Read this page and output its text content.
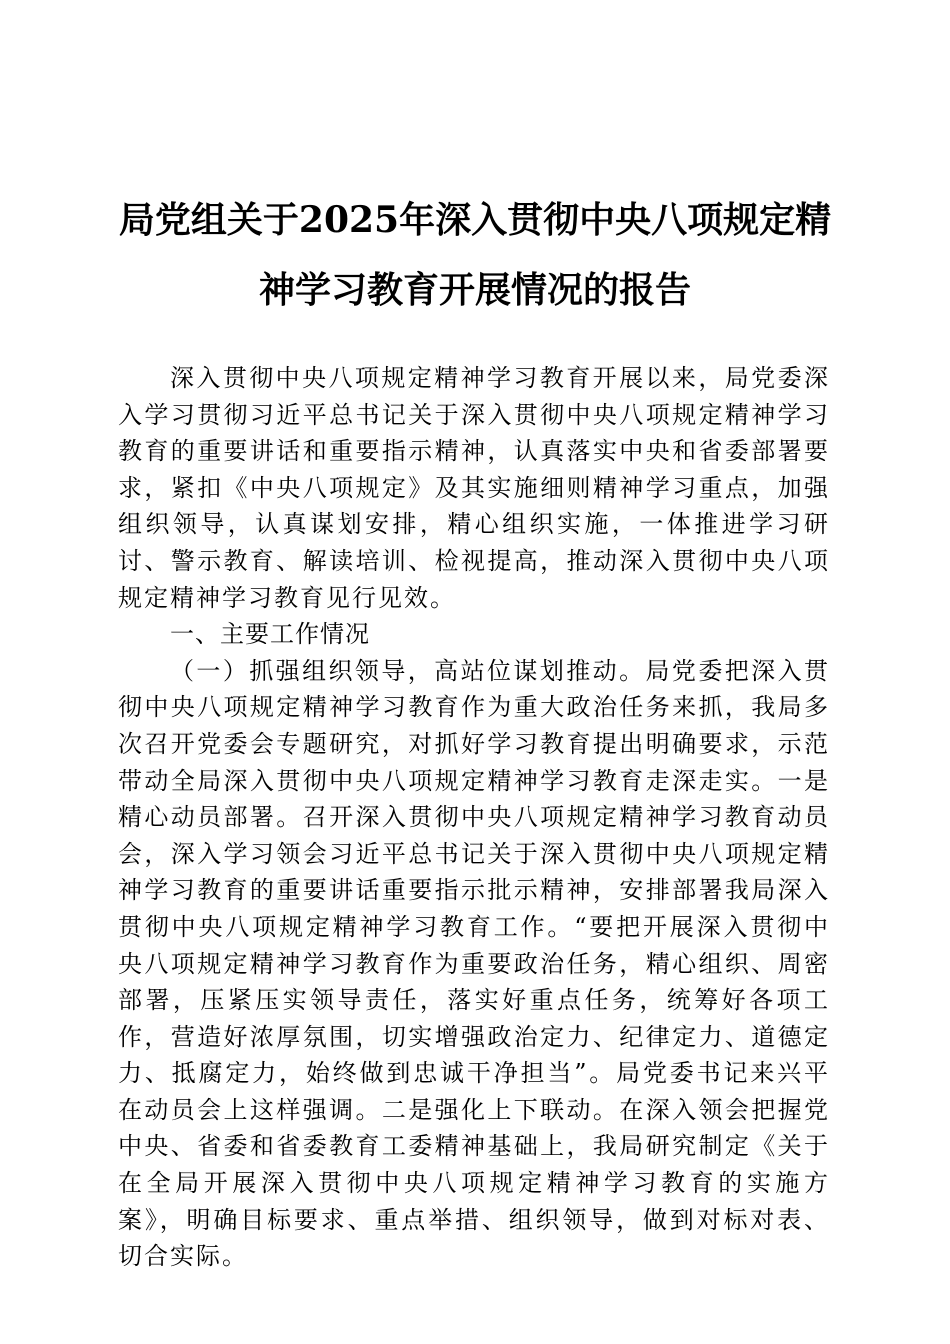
局党组关于2025年深入贯彻中央八项规定精
神学习教育开展情况的报告

深入贯彻中央八项规定精神学习教育开展以来，局党委深入学习贯彻习近平总书记关于深入贯彻中央八项规定精神学习教育的重要讲话和重要指示精神，认真落实中央和省委部署要求，紧扣《中央八项规定》及其实施细则精神学习重点，加强组织领导，认真谋划安排，精心组织实施，一体推进学习研讨、警示教育、解读培训、检视提高，推动深入贯彻中央八项规定精神学习教育见行见效。

一、主要工作情况

（一）抓强组织领导，高站位谋划推动。局党委把深入贯彻中央八项规定精神学习教育作为重大政治任务来抓，我局多次召开党委会专题研究，对抓好学习教育提出明确要求，示范带动全局深入贯彻中央八项规定精神学习教育走深走实。一是精心动员部署。召开深入贯彻中央八项规定精神学习教育动员会，深入学习领会习近平总书记关于深入贯彻中央八项规定精神学习教育的重要讲话重要指示批示精神，安排部署我局深入贯彻中央八项规定精神学习教育工作。“要把开展深入贯彻中央八项规定精神学习教育作为重要政治任务，精心组织、周密部署，压紧压实领导责任，落实好重点任务，统筹好各项工作，营造好浓厚氛围，切实增强政治定力、纪律定力、道德定力、抵腐定力，始终做到忠诚干净担当”。局党委书记来兴平在动员会上这样强调。二是强化上下联动。在深入领会把握党中央、省委和省委教育工委精神基础上，我局研究制定《关于在全局开展深入贯彻中央八项规定精神学习教育的实施方案》，明确目标要求、重点举措、组织领导，做到对标对表、切合实际。
